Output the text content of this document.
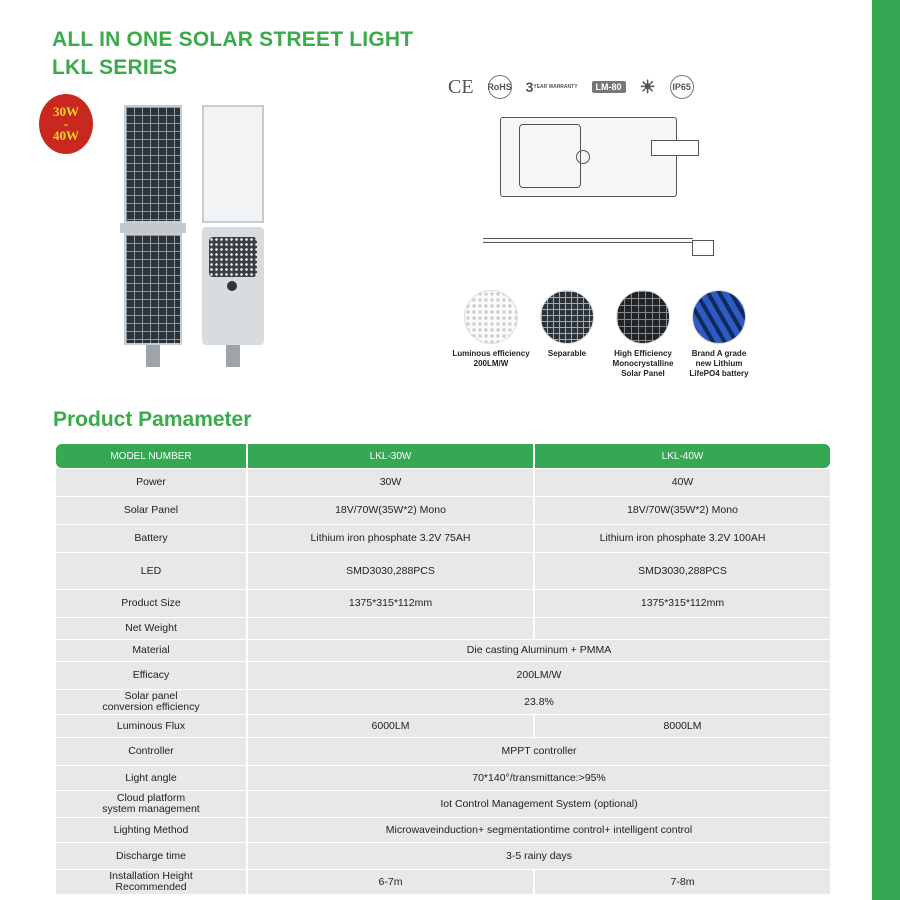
ALL IN ONE SOLAR STREET LIGHT
LKL SERIES
30W
-
40W
CE RoHS 3 YEAR WARRANTY	LM-80 ☀ IP65
Luminous efficiency
200LM/W
Separable	High Efficiency
Monocrystalline
Solar Panel
Brand A grade
new Lithium
LifePO4 battery
Product Pamameter
MODEL NUMBER	LKL-30W	LKL-40W
Power	30W	40W
Solar Panel	18V/70W(35W*2) Mono	18V/70W(35W*2) Mono
Battery	Lithium iron phosphate 3.2V 75AH	Lithium iron phosphate 3.2V 100AH
LED	SMD3030,288PCS	SMD3030,288PCS
Product Size	1375*315*112mm	1375*315*112mm
Net Weight		
Material	Die casting Aluminum + PMMA	
Efficacy	200LM/W	

Solar panel
conversion efficiency	23.8%	
Luminous Flux	6000LM	8000LM
Controller	MPPT controller	
Light angle	70*140°/transmittance:>95%	

Cloud platform
system management	Iot Control Management System (optional)	
Lighting Method	Microwaveinduction+ segmentationtime control+ intelligent control	
Discharge time	3-5 rainy days	

Installation Height
Recommended	6-7m	7-8m
